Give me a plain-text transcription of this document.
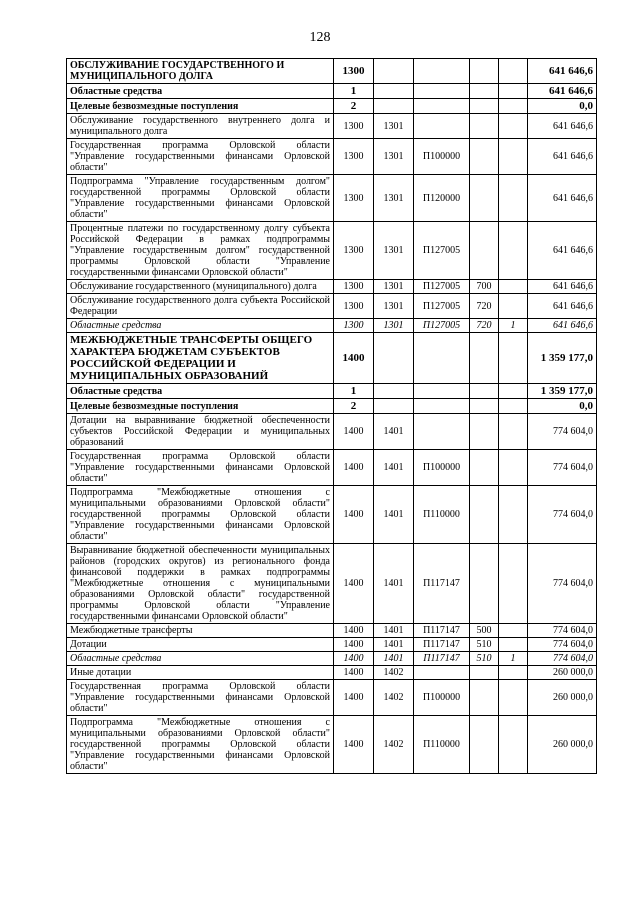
128
ОБСЛУЖИВАНИЕ ГОСУДАРСТВЕННОГО И МУНИЦИПАЛЬНОГО ДОЛГА	1300					641 646,6
Областные средства	1					641 646,6
Целевые безвозмездные поступления	2					0,0
Обслуживание государственного внутреннего долга и муниципального долга	1300	1301				641 646,6
Государственная программа Орловской области "Управление государственными финансами Орловской области"	1300	1301	П100000			641 646,6
Подпрограмма "Управление государственным долгом" государственной программы Орловской области "Управление государственными финансами Орловской области"	1300	1301	П120000			641 646,6
Процентные платежи по государственному долгу субъекта Российской Федерации в рамках подпрограммы "Управление государственным долгом" государственной программы Орловской области "Управление государственными финансами Орловской области"	1300	1301	П127005			641 646,6
Обслуживание государственного (муниципального) долга	1300	1301	П127005	700		641 646,6
Обслуживание государственного долга субъекта Российской Федерации	1300	1301	П127005	720		641 646,6
Областные средства	1300	1301	П127005	720	1	641 646,6
МЕЖБЮДЖЕТНЫЕ ТРАНСФЕРТЫ ОБЩЕГО ХАРАКТЕРА БЮДЖЕТАМ СУБЪЕКТОВ РОССИЙСКОЙ ФЕДЕРАЦИИ И МУНИЦИПАЛЬНЫХ ОБРАЗОВАНИЙ	1400					1 359 177,0
Областные средства	1					1 359 177,0
Целевые безвозмездные поступления	2					0,0
Дотации на выравнивание бюджетной обеспеченности субъектов Российской Федерации и муниципальных образований	1400	1401				774 604,0
Государственная программа Орловской области "Управление государственными финансами Орловской области"	1400	1401	П100000			774 604,0
Подпрограмма "Межбюджетные отношения с муниципальными образованиями Орловской области" государственной программы Орловской области "Управление государственными финансами Орловской области"	1400	1401	П110000			774 604,0
Выравнивание бюджетной обеспеченности муниципальных районов (городских округов) из регионального фонда финансовой поддержки в рамках подпрограммы "Межбюджетные отношения с муниципальными образованиями Орловской области" государственной программы Орловской области "Управление государственными финансами Орловской области"	1400	1401	П117147			774 604,0
Межбюджетные трансферты	1400	1401	П117147	500		774 604,0
Дотации	1400	1401	П117147	510		774 604,0
Областные средства	1400	1401	П117147	510	1	774 604,0
Иные дотации	1400	1402				260 000,0
Государственная программа Орловской области "Управление государственными финансами Орловской области"	1400	1402	П100000			260 000,0
Подпрограмма "Межбюджетные отношения с муниципальными образованиями Орловской области" государственной программы Орловской области "Управление государственными финансами Орловской области"	1400	1402	П110000			260 000,0
